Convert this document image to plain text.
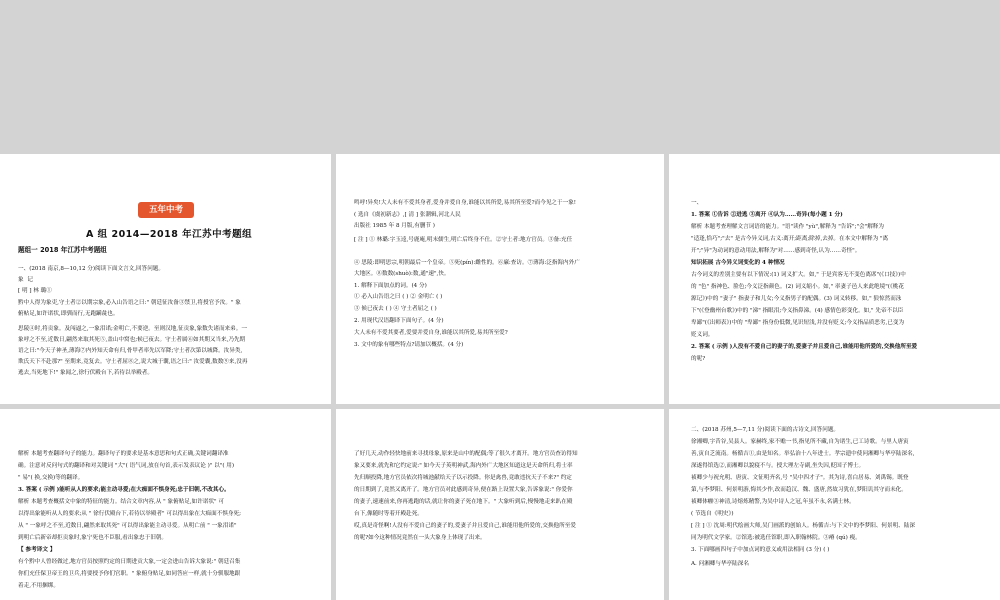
五年中考
A 组 2014—2018 年江苏中考题组
题组一 2018 年江苏中考题组
一、(2018 南京,8—10,12 分)阅读下面文言文,回答问题。
象 记
[ 明 ] 林 璐①
黔中人得为象吏,守土者②以期宗象,必入山告语之曰:" 朝廷征汝备③禁卫,将授官予汝。" 象
俯帖足,如许诺状,即驯而行,无跑躏彘也。
思陵④时,将贡象。及闯逼之,一象泪诺;金明亡,不要逆。至则汉地,征贡象,象数失诸而来弟。一
象呼之不至,近数日,翩然来取其死⑤,盖山中窝也;候已夜去。守土者属⑥如其期又当来,乃先期
语之曰:"今天子神圣,薄海⑦内外知天命有归,骨甲者率先以军降;守土者次第以城降。汝异类,
欺氏天下不赴那?" 至期来,竟复去。守土者屈⑧之,说大城于囊,语之曰:" 汝爱囊,数数⑨来,没再
逃去,当死地下!" 象闻之,徐行伏殿台下,若待以举殿者。
鸣呼!异矣!大人未有不爱其身者,爱身并爱自身,谁能以其所爱,易其所至爱?而今见之于一象!
( 选自《虞初新志》,[ 清 ] 张潮辑,河北人民
出版社 1985 年 8 月版,有删节 )
[ 注 ] ① 林璐:字玉逵,号鹿庵,明末儒生,明亡后终身不仕。②守土者:地方官员。③备:充任
④ 思陵:即明思宗,明朝最后一个皇帝。⑤死(pín):雌性的。⑥廉:查访。⑦薄海:泛指海内外广
大地区。⑧数数(shuò):数,通"速",快。
1. 解释下面加点的词。(4 分)
① 必入山告语之曰 ( ) ② 金明亡 ( )
③ 候已夜去 ( ) ④ 守土者屈之 ( )
2. 用现代汉语翻译下面句子。(4 分)
大人未有不爱其要者,爱要并爱自身,谁能以其所爱,易其所至爱?
3. 文中的象有哪些特点?请加以概括。(4 分)
一、
1. 答案 ①告诉 ②进逃 ③离开 ④认为……奇异(每小题 1 分)
解析 本题考查理解文言词语的能力。"语"读作 "yù",解释为 "告诉";"会"解释为
"适逢,恰巧";"去" 是古今异义词,古义:离开;距离;除掉,去掉。在本文中解释为 "离
开";"异"为动词的意动用法,解释为"对……感到奇怪,认为……奇怪"。
知识拓展 古今异义词变化的 4 种情况
古今词义的差别主要有以下情况:(1) 词义扩大。如," 于是宾客无不变色离席"(《口技》)中
的 "色" 指神色、脸色;今义泛指颜色。(2) 词义缩小。如," 率妻子邑人来此绝境"(《桃花
源记》)中的 "妻子" 指妻子和儿女;今义指男子的配偶。(3) 词义转移。如," 狼惊然而泳
下"(《登幽州台歌》)中的 "涕" 指眼泪;今义指鼻涕。(4) 感情色彩变化。如," 先帝不以臣
卑鄙"(《出师表》)中的 "卑鄙" 指身份低微,见识短浅,并没有贬义;今义指品质恶劣,已变为
贬义词。
2. 答案 ( 示例 )人没有不爱自己的妻子的,爱妻子并且爱自己,谁能用他所爱的,交换他所至爱
的呢?
解析 本题考查翻译句子的能力。翻译句子的要求是基本意思和句式正确,关键词翻译准
确。注意对反问句式的翻译和对关键词 "大"( 语气词,放在句首,表示发表议论 )" 以"( 用)
" 易"( 换,交换)等的翻译。
3. 答案 ( 示例 )能听从人的要求;能主动寻爱;在大痴面不惧身死;忠于旧朝,不改其心。
解析 本题考查概括文中象的特征的能力。结合文章内容,从 " 象俯贴足,如许诺状" 可
以得出象能听从人的要求;从 " 徐行伏殿台下,若待以举殿者" 可以得出象在大痴面不惧身死;
从 " 一象呼之不至,近数日,翩然来取其死" 可以得出象能主动寻爱。从明亡前 " 一象泪诺"
到明亡后新帝却拒贡象时,象宁死也不臣服,看出象忠于旧朝。
【 参考译文 】
有个黔中人曾经做过,地方官员按照约定的日期进贡大象,一定会进山告诉大象说:" 朝廷召集
你们充任保卫帝王的卫兵,将要授予你们官职。" 象俯身贴足,如同答应一样,就十分驯服地跟
着走,不用捆绑。
了好几天,动作轻快地前来寻找母象,原来是山中的配偶;等了很久才离开。地方官员查访得知
象又要来,就先和它约定说:" 如今天子英明神武,海内外广大地区知道这是天命所归,将士率
先归顺投降,地方官员依次将城池献给天子以示投降。你是禽兽,竟敢违抗天子不来?" 约定
的日期到了,竟然又离开了。地方官员对此感到奇异,便在路上设置大象,告诉象说:" 你爱你
的妻子,速速前来,你再逃跑的话,就让你的妻子死在地下。" 大象听到后,慢慢地走来趴在殿
台下,像随时等着开殿赴死。
哎,真是奇怪啊!人没有不爱自己的妻子的,爱妻子并且爱自己,谁能用他所爱的,交换他所至爱
的呢?如今这种情况竟然在一头大象身上体现了出来。
二、(2018 苏州,5—7,11 分)阅读下面的古诗文,回答问题。
徐湘卿,字昔谷,吴县人。家赫终,家不赡一书,指见所不藏,自为诸生,已工诗歌。与里人唐寅
善,寅自乏流南。杨循吉①,由是知名。举弘治十八年进士。孝宗遗中使问湘卿与华亭陆深名,
深遂得馆选②,而湘卿以貌寝不与。授大理左寺副,坐失囚,贬国子博士。
祯卿少与祝允明、唐寅、文征明齐名,号 "吴中四才子"。其为诗,喜白居易、刘禹锡。既登
第,与李梦阳、何景明游,悔其少作,改而趋汉、魏、盛唐,然故习犹在,梦阳讥其守而未化。
祯卿体癯③神清,诗熔炼精警,为吴中诗人之冠,年虽不永,名满士林。
( 节选自《明史》)
[ 注 ] ① 沈周:明代绘画大师,吴门画派的创始人。杨循吉:与下文中的李梦阳、何景明、陆深
同为明代文学家。②馆选:被选任馆职,即入职翰林院。③瘠 (qú) 瘦。
3. 下面哪画四句子中加点词的意义或用法相同 (3 分) ( )
A. 问湘卿与华亭陆深名
